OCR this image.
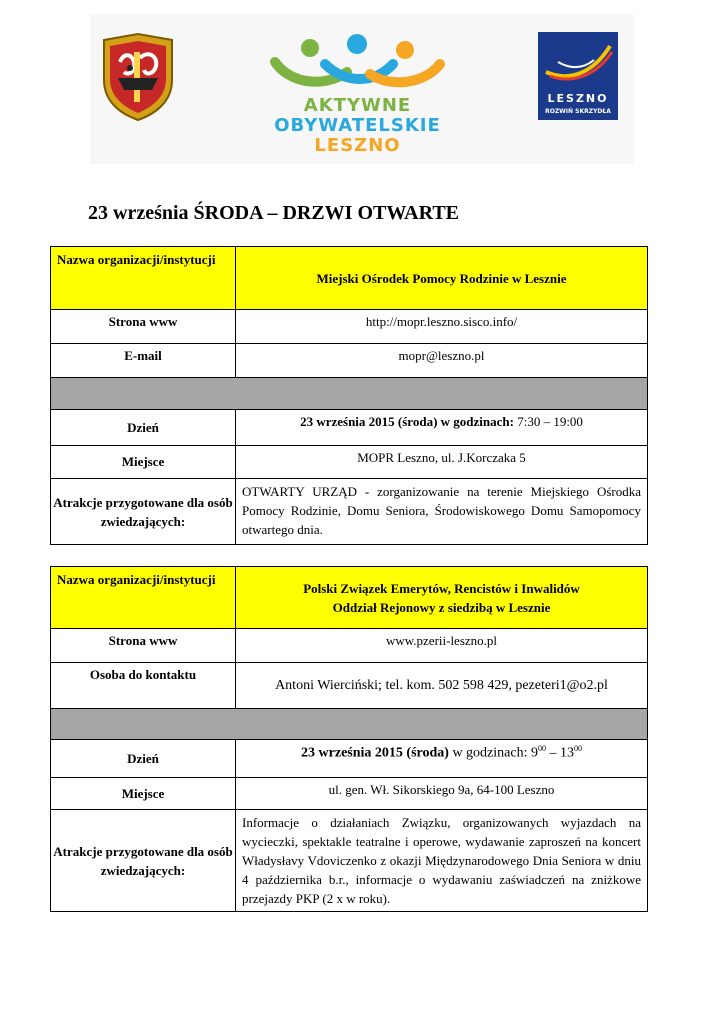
AKTYWNE
OBYWATELSKIE
LESZNO
LESZNO
ROZWIŃ SKRZYDŁA
23 września ŚRODA – DRZWI OTWARTE
Nazwa organizacji/instytucji	Miejski Ośrodek Pomocy Rodzinie w Lesznie
Strona www	http://mopr.leszno.sisco.info/
E-mail	mopr@leszno.pl

Dzień	23 września 2015 (środa) w godzinach: 7:30 – 19:00
Miejsce	MOPR Leszno, ul. J.Korczaka 5
Atrakcje przygotowane dla osób zwiedzających:	OTWARTY URZĄD - zorganizowanie na terenie Miejskiego Ośrodka Pomocy Rodzinie, Domu Seniora, Środowiskowego Domu Samopomocy otwartego dnia.
Nazwa organizacji/instytucji	Polski Związek Emerytów, Rencistów i Inwalidów
Oddział Rejonowy z siedzibą w Lesznie

Strona www	www.pzerii-leszno.pl
Osoba do kontaktu	Antoni Wierciński; tel. kom. 502 598 429, pezeteri1@o2.pl

Dzień	23 września 2015 (środa) w godzinach: $9^{00} - 13^{00}$
Miejsce	ul. gen. Wł. Sikorskiego 9a, 64-100 Leszno
Atrakcje przygotowane dla osób zwiedzających:	Informacje o działaniach Związku, organizowanych wyjazdach na wycieczki, spektakle teatralne i operowe, wydawanie zaproszeń na koncert Władysłavy Vdoviczenko z okazji Międzynarodowego Dnia Seniora w dniu 4 października b.r., informacje o wydawaniu zaświadczeń na zniżkowe przejazdy PKP (2 x w roku).
